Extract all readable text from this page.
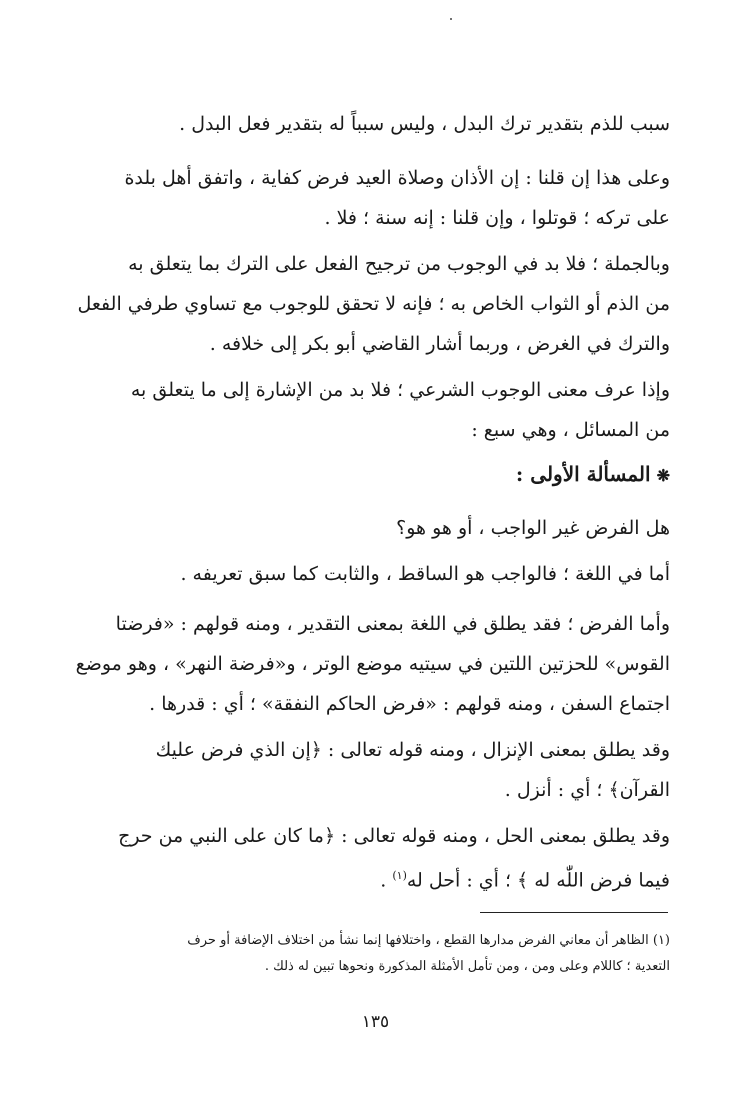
سبب للذم بتقدير ترك البدل ، وليس سبباً له بتقدير فعل البدل .
وعلى هذا إن قلنا : إن الأذان وصلاة العيد فرض كفاية ، واتفق أهل بلدة
على تركه ؛ قوتلوا ، وإن قلنا : إنه سنة ؛ فلا .
وبالجملة ؛ فلا بد في الوجوب من ترجيح الفعل على الترك بما يتعلق به
من الذم أو الثواب الخاص به ؛ فإنه لا تحقق للوجوب مع تساوي طرفي الفعل
والترك في الغرض ، وربما أشار القاضي أبو بكر إلى خلافه .
وإذا عرف معنى الوجوب الشرعي ؛ فلا بد من الإشارة إلى ما يتعلق به
من المسائل ، وهي سبع :
❋المسألة الأولى :
هل الفرض غير الواجب ، أو هو هو؟
أما في اللغة ؛ فالواجب هو الساقط ، والثابت كما سبق تعريفه .
وأما الفرض ؛ فقد يطلق في اللغة بمعنى التقدير ، ومنه قولهم : «فرضتا
القوس» للحزتين اللتين في سيتيه موضع الوتر ، و«فرضة النهر» ، وهو موضع
اجتماع السفن ، ومنه قولهم : «فرض الحاكم النفقة» ؛ أي : قدرها .
وقد يطلق بمعنى الإنزال ، ومنه قوله تعالى : ﴿إن الذي فرض عليك
القرآن﴾ ؛ أي : أنزل .
وقد يطلق بمعنى الحل ، ومنه قوله تعالى : ﴿ما كان على النبي من حرج
فيما فرض اللّٰه له ﴾ ؛ أي : أحل له$^{(١)}$ .
(١) الظاهر أن معاني الفرض مدارها القطع ، واختلافها إنما نشأ من اختلاف الإضافة أو حرف
التعدية ؛ كاللام وعلى ومن ، ومن تأمل الأمثلة المذكورة ونحوها تبين له ذلك .
١٣٥
